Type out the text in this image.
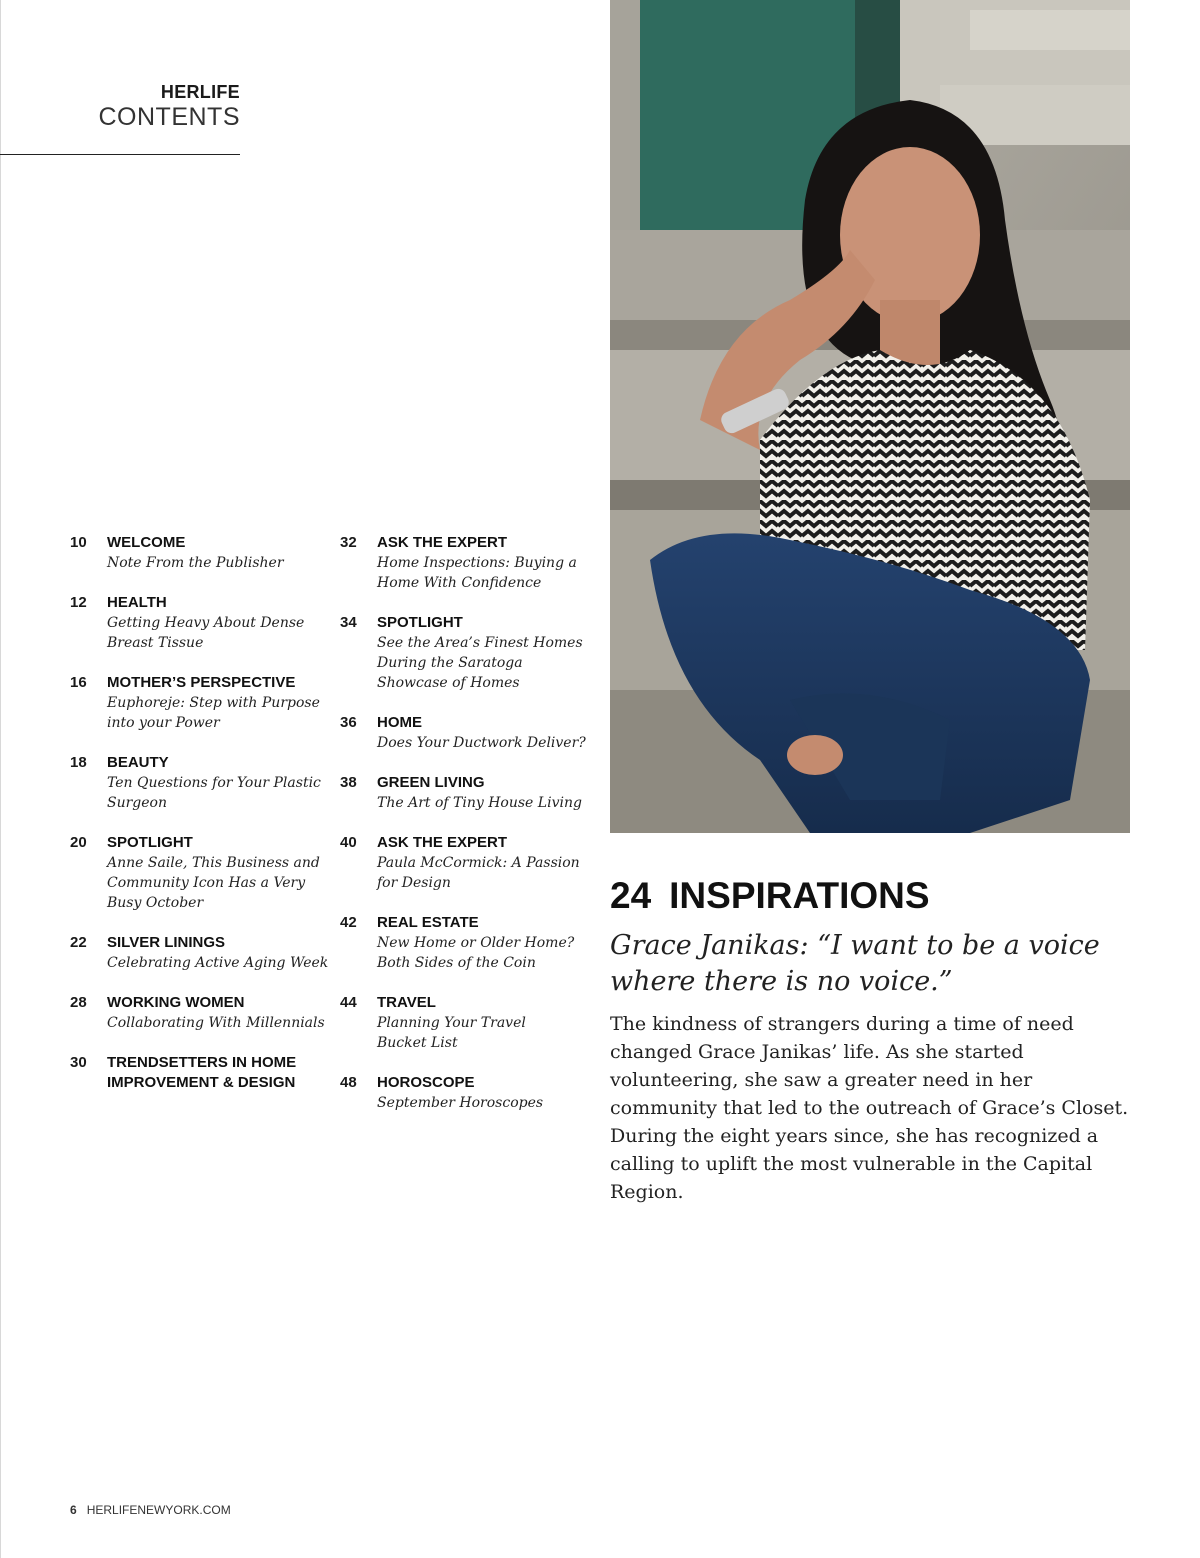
HERLIFE
CONTENTS
10 WELCOME
Note From the Publisher
12 HEALTH
Getting Heavy About Dense Breast Tissue
16 MOTHER’S PERSPECTIVE
Euphoreje: Step with Purpose into your Power
18 BEAUTY
Ten Questions for Your Plastic Surgeon
20 SPOTLIGHT
Anne Saile, This Business and Community Icon Has a Very Busy October
22 SILVER LININGS
Celebrating Active Aging Week
28 WORKING WOMEN
Collaborating With Millennials
30 TRENDSETTERS IN HOME IMPROVEMENT & DESIGN
32 ASK THE EXPERT
Home Inspections: Buying a Home With Confidence
34 SPOTLIGHT
See the Area’s Finest Homes During the Saratoga Showcase of Homes
36 HOME
Does Your Ductwork Deliver?
38 GREEN LIVING
The Art of Tiny House Living
40 ASK THE EXPERT
Paula McCormick: A Passion for Design
42 REAL ESTATE
New Home or Older Home? Both Sides of the Coin
44 TRAVEL
Planning Your Travel Bucket List
48 HOROSCOPE
September Horoscopes
24 INSPIRATIONS
Grace Janikas: “I want to be a voice where there is no voice.”
The kindness of strangers during a time of need changed Grace Janikas’ life. As she started volunteering, she saw a greater need in her community that led to the outreach of Grace’s Closet. During the eight years since, she has recognized a calling to uplift the most vulnerable in the Capital Region.
6 HERLIFENEWYORK.COM
